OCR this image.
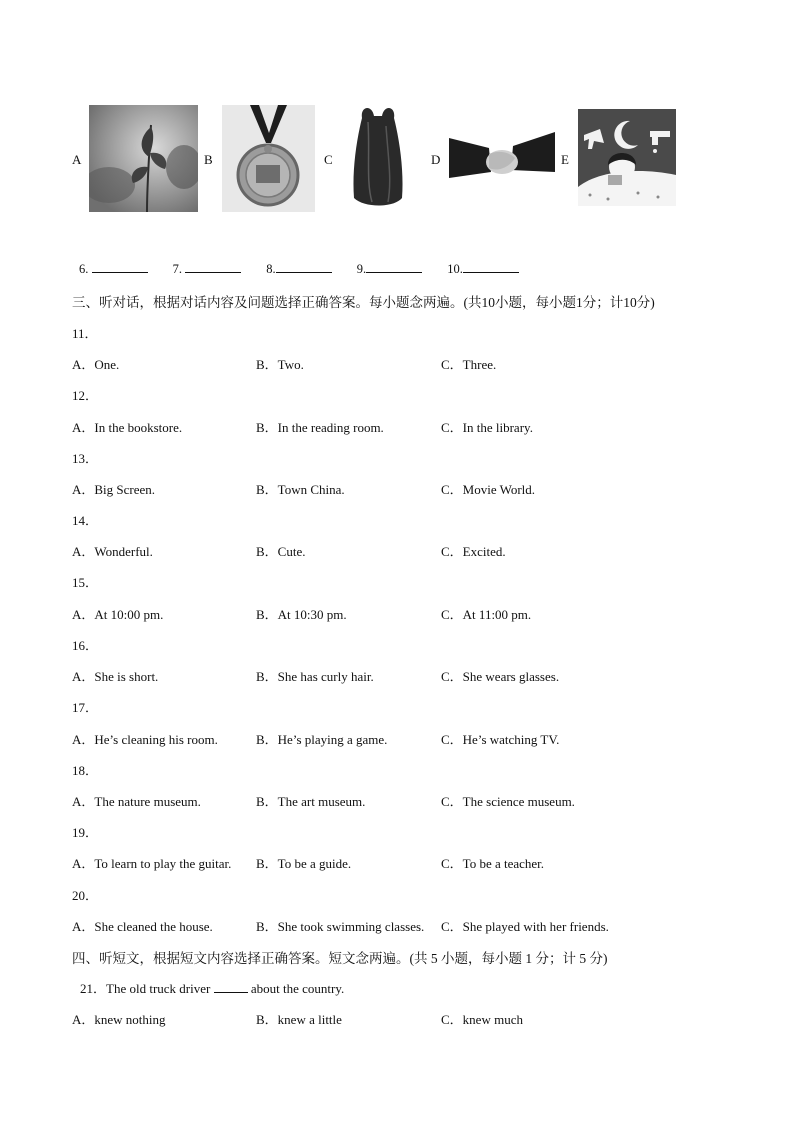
A	B	C	D	E
6.	7.	8.	9.	10.
三、听对话，根据对话内容及问题选择正确答案。每小题念两遍。(共10小题，每小题1分；计10分)
11．
A．One.	B．Two.	C．Three.
12．
A．In the bookstore.	B．In the reading room.	C．In the library.
13．
A．Big Screen.	B．Town China.	C．Movie World.
14．
A．Wonderful.	B．Cute.	C．Excited.
15．
A．At 10:00 pm.	B．At 10:30 pm.	C．At 11:00 pm.
16．
A．She is short.	B．She has curly hair.	C．She wears glasses.
17．
A．He’s cleaning his room.	B．He’s playing a game.	C．He’s watching TV.
18．
A．The nature museum.	B．The art museum.	C．The science museum.
19．
A．To learn to play the guitar. B．To be a guide.	C．To be a teacher.
20．
A．She cleaned the house.	B．She took swimming classes. C．She played with her friends.
四、听短文，根据短文内容选择正确答案。短文念两遍。(共 5 小题，每小题 1 分；计 5 分)
21．The old truck driver	about the country.
A．knew nothing	B．knew a little	C．knew much
